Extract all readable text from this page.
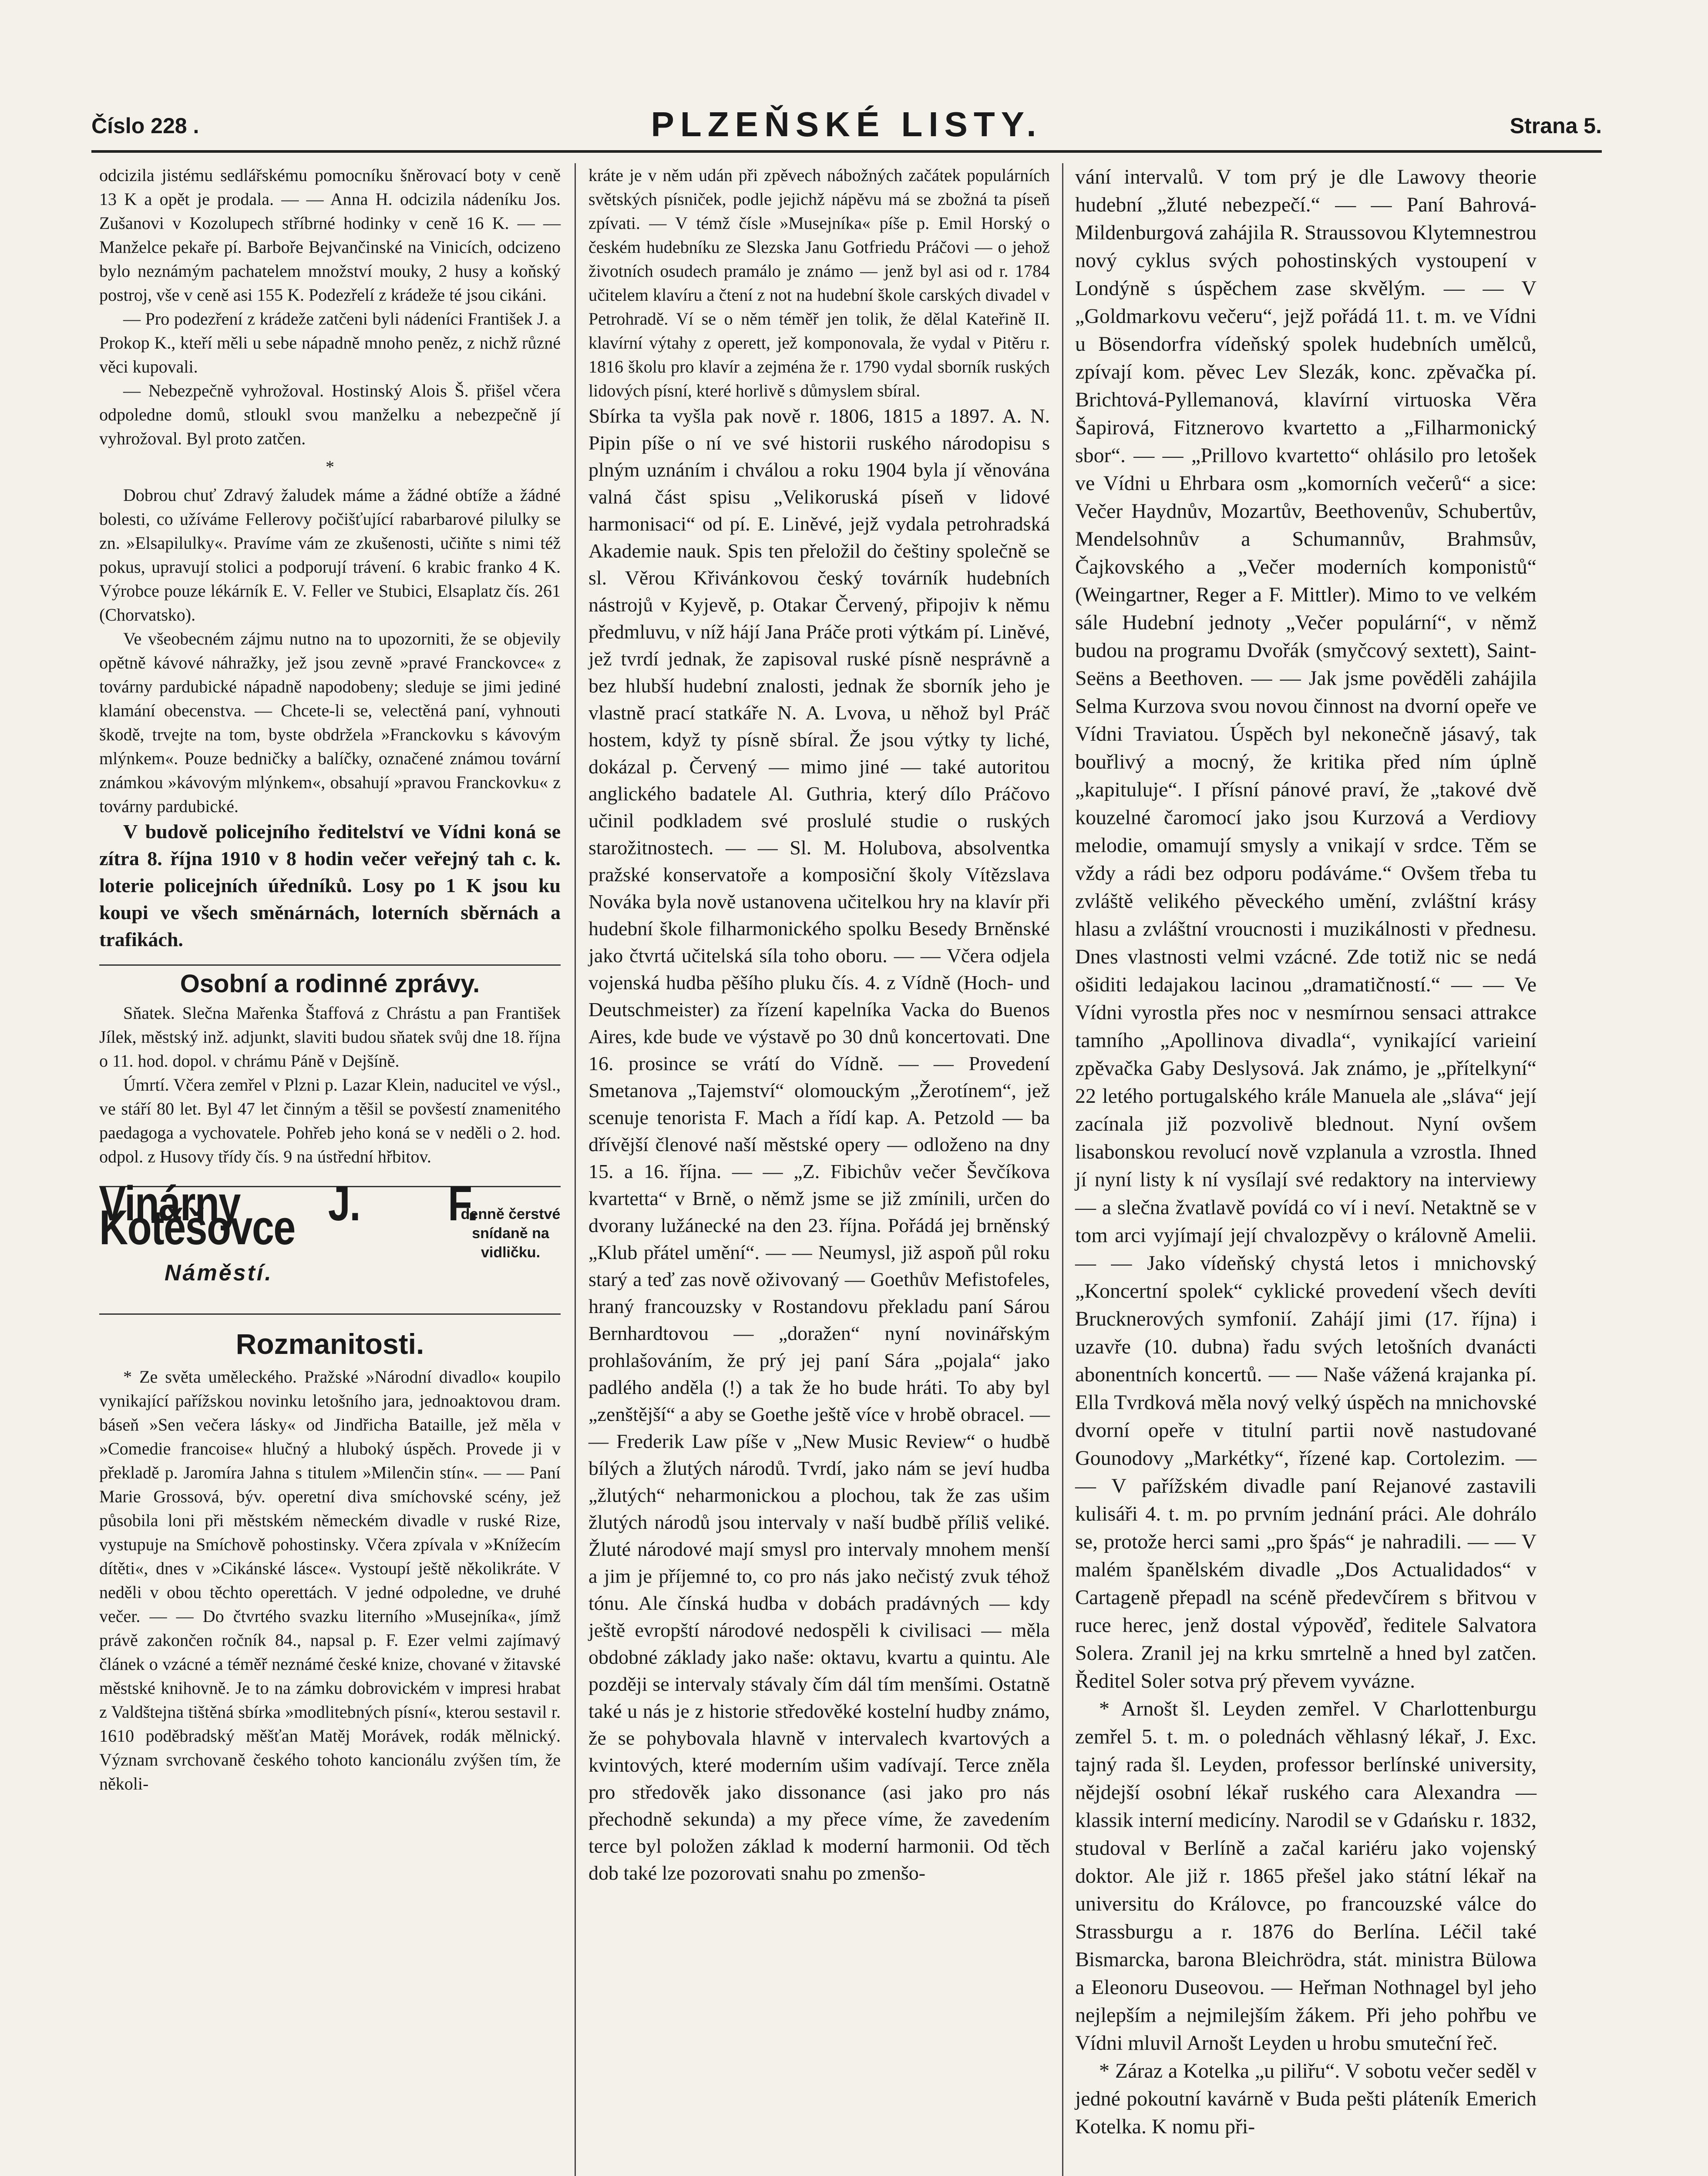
Číslo 228 .	PLZEŇSKÉ LISTY.	Strana 5.

odcizila jistému sedlářskému pomocníku šněrovací boty v ceně 13 K a opět je prodala. — — Anna H. odcizila nádeníku Jos. Zušanovi v Kozolupech stříbrné hodinky v ceně 16 K. — — Manželce pekaře pí. Barboře Bejvančinské na Vinicích, odcizeno bylo neznámým pachatelem množství mouky, 2 husy a koňský postroj, vše v ceně asi 155 K. Podezřelí z krádeže té jsou cikáni.

— Pro podezření z krádeže zatčeni byli nádeníci František J. a Prokop K., kteří měli u sebe nápadně mnoho peněz, z nichž různé věci kupovali.

— Nebezpečně vyhrožoval. Hostinský Alois Š. přišel včera odpoledne domů, stloukl svou manželku a nebezpečně jí vyhrožoval. Byl proto zatčen.

*

Dobrou chuť Zdravý žaludek máme a žádné obtíže a žádné bolesti, co užíváme Fellerovy počišťující rabarbarové pilulky se zn. »Elsapilulky«. Pravíme vám ze zkušenosti, učiňte s nimi též pokus, upravují stolici a podporují trávení. 6 krabic franko 4 K. Výrobce pouze lékárník E. V. Feller ve Stubici, Elsaplatz čís. 261 (Chorvatsko).

Ve všeobecném zájmu nutno na to upozorniti, že se objevily opětně kávové náhražky, jež jsou zevně »pravé Franckovce« z továrny pardubické nápadně napodobeny; sleduje se jimi jediné klamání obecenstva. — Chcete-li se, velectěná paní, vyhnouti škodě, trvejte na tom, byste obdržela »Franckovku s kávovým mlýnkem«. Pouze bedničky a balíčky, označené známou tovární známkou »kávovým mlýnkem«, obsahují »pravou Franckovku« z továrny pardubické.

V budově policejního ředitelství ve Vídni koná se zítra 8. října 1910 v 8 hodin večer veřejný tah c. k. loterie policejních úředníků. Losy po 1 K jsou ku koupi ve všech směnárnách, loterních sběrnách a trafikách.

Osobní a rodinné zprávy.

Sňatek. Slečna Mařenka Štaffová z Chrástu a pan František Jílek, městský inž. adjunkt, slaviti budou sňatek svůj dne 18. října o 11. hod. dopol. v chrámu Páně v Dejšíně.

Úmrtí. Včera zemřel v Plzni p. Lazar Klein, naducitel ve výsl., ve stáří 80 let. Byl 47 let činným a těšil se povšestí znamenitého paedagoga a vychovatele. Pohřeb jeho koná se v neděli o 2. hod. odpol. z Husovy třídy čís. 9 na ústřední hřbitov.

Vinárny J. F. Kotěšovce	denně čerstvé snídaně na vidličku.
Náměstí.
Rozmanitosti.

* Ze světa uměleckého. Pražské »Národní divadlo« koupilo vynikající pařížskou novinku letošního jara, jednoaktovou dram. báseň »Sen večera lásky« od Jindřicha Bataille, jež měla v »Comedie francoise« hlučný a hlubоký úspěch. Provede ji v překladě p. Jaromíra Jahna s titulem »Milenčin stín«. — — Paní Marie Grossová, býv. operetní diva smíchovské scény, jež působila loni při městském německém divadle v ruské Rize, vystupuje na Smíchově pohostinsky. Včera zpívala v »Knížecím dítěti«, dnes v »Cikánské lásce«. Vystoupí ještě několikráte. V neděli v obou těchto operettách. V jedné odpoledne, ve druhé večer. — — Do čtvrtého svazku literního »Musejníka«, jímž právě zakončen ročník 84., napsal p. F. Ezer velmi zajímavý článek o vzácné a téměř neznámé české knize, chované v žitavské městské knihovně. Je to na zámku dobrovickém v impresi hrabat z Valdštejna tištěná sbírka »modlitebných písní«, kterou sestavil r. 1610 poděbradský měšťan Matěj Morávek, rodák mělnický. Význam svrchovaně českého tohoto kancionálu zvýšen tím, že několi-

kráte je v něm udán při zpěvech nábožných začátek populárních světských písniček, podle jejichž nápěvu má se zbožná ta píseň zpívati. — V témž čísle »Musejníka« píše p. Emil Horský o českém hudebníku ze Slezska Janu Gotfriedu Práčovi — o jehož životních osudech pramálo je známo — jenž byl asi od r. 1784 učitelem klavíru a čtení z not na hudební škole carských divadel v Petrohradě. Ví se o něm téměř jen tolik, že dělal Kateřině II. klavírní výtahy z operett, jež komponovala, že vydal v Pitěru r. 1816 školu pro klavír a zejména že r. 1790 vydal sborník ruských lidových písní, které horlivě s důmyslem sbíral.

Sbírka ta vyšla pak nově r. 1806, 1815 a 1897. A. N. Pipin píše o ní ve své historii ruského národopisu s plným uznáním i chválou a roku 1904 byla jí věnována valná část spisu „Velikoruská píseň v lidové harmonisaci“ od pí. E. Liněvé, jejž vydala petrohradská Akademie nauk. Spis ten přeložil do češtiny společně se sl. Věrou Křivánkovou český továrník hudebních nástrojů v Kyjevě, p. Otakar Červený, připojiv k němu předmluvu, v níž hájí Jana Práče proti výtkám pí. Liněvé, jež tvrdí jednak, že zapisoval ruské písně nesprávně a bez hlubší hudební znalosti, jednak že sborník jeho je vlastně prací statkáře N. A. Lvova, u něhož byl Práč hostem, když ty písně sbíral. Že jsou výtky ty liché, dokázal p. Červený — mimo jiné — také autoritou anglického badatele Al. Guthria, který dílo Práčovo učinil podkladem své proslulé studie o ruských starožitnostech. — — Sl. M. Holubova, absolventka pražské konservatoře a komposiční školy Vítězslava Nováka byla nově ustanovena učitelkou hry na klavír při hudební škole filharmonického spolku Besedy Brněnské jako čtvrtá učitelská síla toho oboru. — — Včera odjela vojenská hudba pěšího pluku čís. 4. z Vídně (Hoch- und Deutschmeister) za řízení kapelníka Vacka do Buenos Aires, kde bude ve výstavě po 30 dnů koncertovati. Dne 16. prosince se vrátí do Vídně. — — Provedení Smetanova „Tajemství“ olomouckým „Žerotínem“, jež scenuje tenorista F. Mach a řídí kap. A. Petzold — ba dřívější členové naší městské opery — odloženo na dny 15. a 16. října. — — „Z. Fibichův večer Ševčíkova kvartetta“ v Brně, o němž jsme se již zmínili, určen do dvorany lužánecké na den 23. října. Pořádá jej brněnský „Klub přátel umění“. — — Neumysl, již aspoň půl roku starý a teď zas nově oživovaný — Goethův Mefistofeles, hraný francouzsky v Rostandovu překladu paní Sárou Bernhardtovou — „doražen“ nyní novinářským prohlašováním, že prý jej paní Sára „pojala“ jako padlého anděla (!) a tak že ho bude hráti. To aby byl „zenštější“ a aby se Goethe ještě více v hrobě obracel. — — Frederik Law píše v „New Music Review“ o hudbě bílých a žlutých národů. Tvrdí, jako nám se jeví hudba „žlutých“ neharmonickou a plochou, tak že zas ušim žlutých národů jsou intervaly v naší budbě příliš veliké. Žluté národové mají smysl pro intervaly mnohem menší a jim je příjemné to, co pro nás jako nečistý zvuk téhož tónu. Ale čínská hudba v dobách pradávných — kdy ještě evropští národové nedospěli k civilisaci — měla obdobné základy jako naše: oktavu, kvartu a quintu. Ale později se intervaly stávaly čím dál tím menšími. Ostatně také u nás je z historie středověké kostelní hudby známo, že se pohybovala hlavně v intervalech kvartových a kvintových, které moderním ušim vadívají. Terce zněla pro středověk jako dissonance (asi jako pro nás přechodně sekunda) a my přece víme, že zavedením terce byl položen základ k moderní harmonii. Od těch dob také lze pozorovati snahu po zmenšo-

vání intervalů. V tom prý je dle Lawovy theorie hudební „žluté nebezpečí.“ — — Paní Bahrová-Mildenburgová zahájila R. Straussovou Klytemnestrou nový cyklus svých pohostinských vystoupení v Londýně s úspěchem zase skvělým. — — V „Goldmarkovu večeru“, jejž pořádá 11. t. m. ve Vídni u Bösendorfra vídeňský spolek hudebních umělců, zpívají kom. pěvec Lev Slezák, konc. zpěvačka pí. Brichtová-Pyllemanová, klavírní virtuoska Věra Šapirová, Fitznerovo kvartetto a „Filharmonický sbor“. — — „Prillovo kvartetto“ ohlásilo pro letošek ve Vídni u Ehrbara osm „komorních večerů“ a sice: Večer Haydnův, Mozartův, Beethovenův, Schubertův, Mendelsohnův a Schumannův, Brahmsův, Čajkovského a „Večer moderních komponistů“ (Weingartner, Reger a F. Mittler). Mimo to ve velkém sále Hudební jednoty „Večer populární“, v němž budou na programu Dvořák (smyčcový sextett), Saint-Seëns a Beethoven. — — Jak jsme pověděli zahájila Selma Kurzova svou novou činnost na dvorní opeře ve Vídni Traviatou. Úspěch byl nekonečně jásavý, tak bouřlivý a mocný, že kritika před ním úplně „kapituluje“. I přísní pánové praví, že „takové dvě kouzelné čaromocí jako jsou Kurzová a Verdiovy melodie, omamují smysly a vnikají v srdce. Těm se vždy a rádi bez odporu podáváme.“ Ovšem třeba tu zvláště velikého pěveckého umění, zvláštní krásy hlasu a zvláštní vroucnosti i muzikálnosti v přednesu. Dnes vlastnosti velmi vzácné. Zde totiž nic se nedá ošiditi ledajakou lacinou „dramatičností.“ — — Ve Vídni vyrostla přes noc v nesmírnou sensaci attrakce tamního „Apollinova divadla“, vynikající varieiní zpěvačka Gaby Deslysová. Jak známo, je „přítelkyní“ 22 letého portugalského krále Manuela ale „sláva“ její zacínala již pozvolivě blednout. Nyní ovšem lisabonskou revolucí nově vzplanula a vzrostla. Ihned jí nyní listy k ní vysílají své redaktory na interviewy — a slečna žvatlavě povídá co ví i neví. Netaktně se v tom arci vyjímají její chvalozpěvy o královně Amelii. — — Jako vídeňský chystá letos i mnichovský „Koncertní spolek“ cyklické provedení všech devíti Brucknerových symfonií. Zahájí jimi (17. října) i uzavře (10. dubna) řadu svých letošních dvanácti abonentních koncertů. — — Naše vážená krajanka pí. Ella Tvrdková měla nový velký úspěch na mnichovské dvorní opeře v titulní partii nově nastudované Gounodovy „Markétky“, řízené kap. Cortolezim. — — V pařížském divadle paní Rejanové zastavili kulisáři 4. t. m. po prvním jednání práci. Ale dohrálo se, protože herci sami „pro špás“ je nahradili. — — V malém španělském divadle „Dos Actualidados“ v Cartageně přepadl na scéně předevčírem s břitvou v ruce herec, jenž dostal výpověď, ředitele Salvatora Solera. Zranil jej na krku smrtelně a hned byl zatčen. Ředitel Soler sotva prý převem vyvázne.

* Arnošt šl. Leyden zemřel. V Charlottenburgu zemřel 5. t. m. o polednách věhlasný lékař, J. Exc. tajný rada šl. Leyden, professor berlínské university, nějdejší osobní lékař ruského cara Alexandra — klassik interní medicíny. Narodil se v Gdańsku r. 1832, studoval v Berlíně a začal kariéru jako vojenský doktor. Ale již r. 1865 přešel jako státní lékař na universitu do Královce, po francouzské válce do Strassburgu a r. 1876 do Berlína. Léčil také Bismarcka, barona Bleichrödra, stát. ministra Bülowa a Eleonoru Duseovou. — Heřman Nothnagel byl jeho nejlepším a nejmilejším žákem. Při jeho pohřbu ve Vídni mluvil Arnošt Leyden u hrobu smuteční řeč.

* Záraz a Kotelka „u piliřu“. V sobotu večer seděl v jedné pokoutní kavárně v Buda pešti pláteník Emerich Kotelka. K nomu při-
